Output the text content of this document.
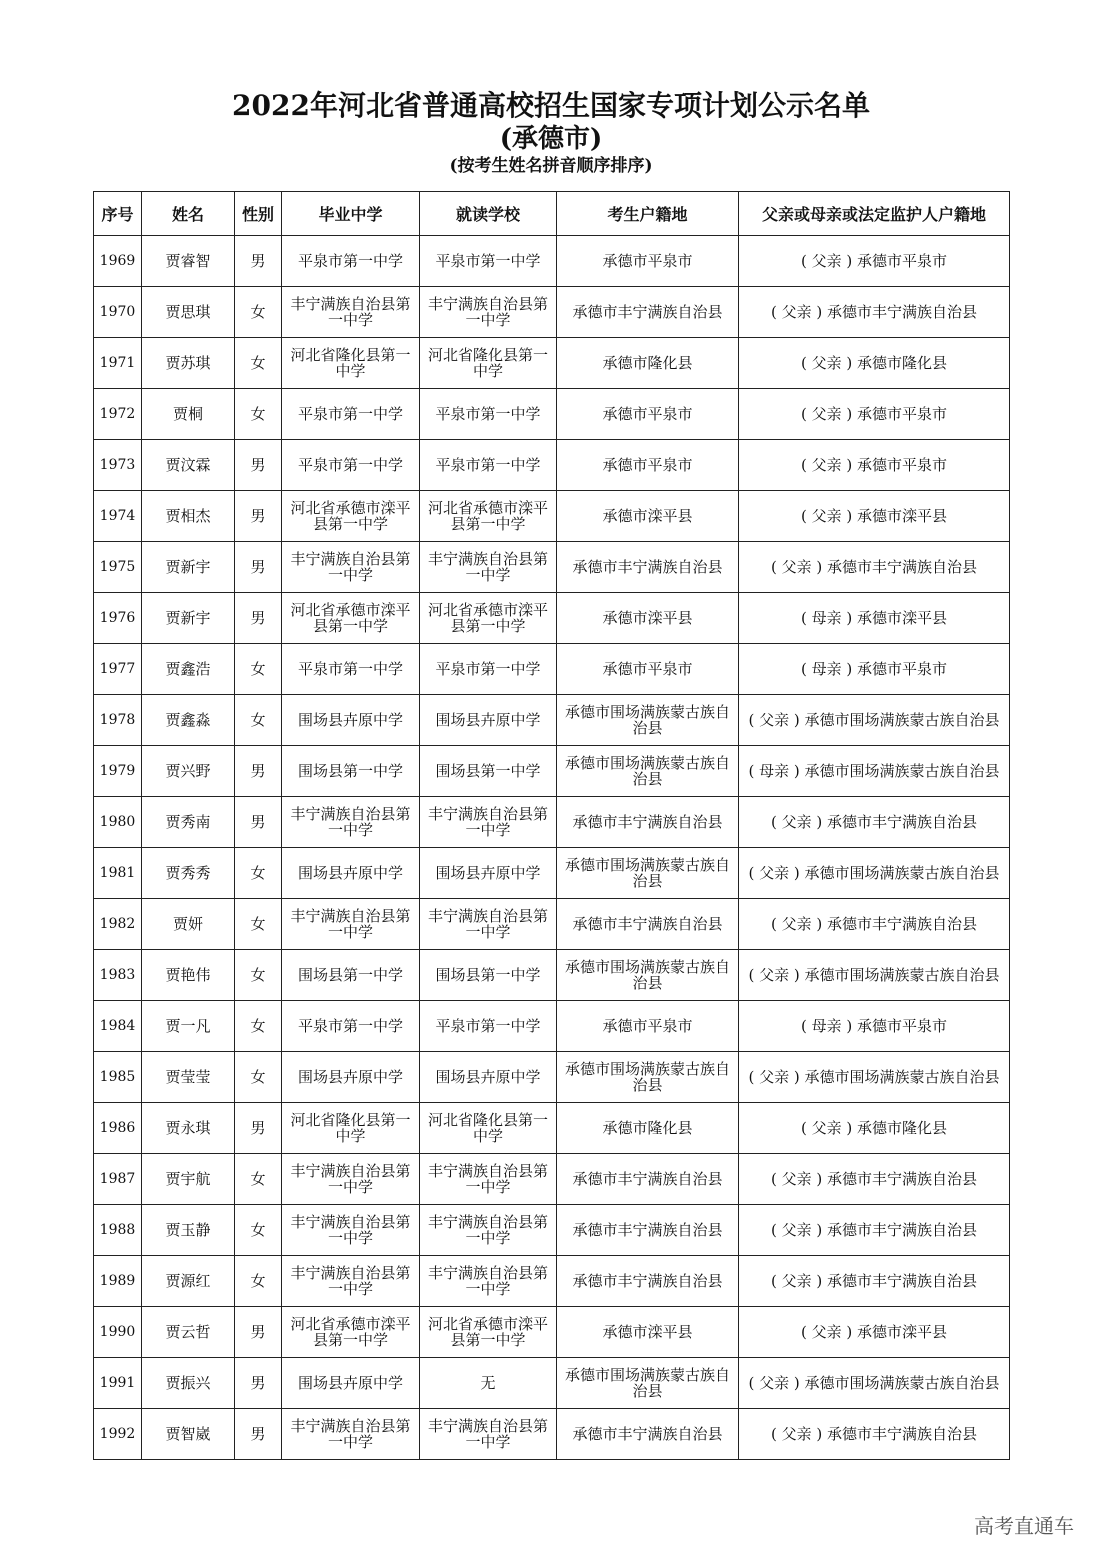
2022年河北省普通高校招生国家专项计划公示名单
(承德市)
(按考生姓名拼音顺序排序)
序号	姓名	性别	毕业中学	就读学校	考生户籍地	父亲或母亲或法定监护人户籍地
1969	贾睿智	男	平泉市第一中学	平泉市第一中学	承德市平泉市	( 父亲 ) 承德市平泉市
1970	贾思琪	女	丰宁满族自治县第一中学	丰宁满族自治县第一中学	承德市丰宁满族自治县	( 父亲 ) 承德市丰宁满族自治县
1971	贾苏琪	女	河北省隆化县第一中学	河北省隆化县第一中学	承德市隆化县	( 父亲 ) 承德市隆化县
1972	贾桐	女	平泉市第一中学	平泉市第一中学	承德市平泉市	( 父亲 ) 承德市平泉市
1973	贾汶霖	男	平泉市第一中学	平泉市第一中学	承德市平泉市	( 父亲 ) 承德市平泉市
1974	贾相杰	男	河北省承德市滦平县第一中学	河北省承德市滦平县第一中学	承德市滦平县	( 父亲 ) 承德市滦平县
1975	贾新宇	男	丰宁满族自治县第一中学	丰宁满族自治县第一中学	承德市丰宁满族自治县	( 父亲 ) 承德市丰宁满族自治县
1976	贾新宇	男	河北省承德市滦平县第一中学	河北省承德市滦平县第一中学	承德市滦平县	( 母亲 ) 承德市滦平县
1977	贾鑫浩	女	平泉市第一中学	平泉市第一中学	承德市平泉市	( 母亲 ) 承德市平泉市
1978	贾鑫淼	女	围场县卉原中学	围场县卉原中学	承德市围场满族蒙古族自治县	( 父亲 ) 承德市围场满族蒙古族自治县
1979	贾兴野	男	围场县第一中学	围场县第一中学	承德市围场满族蒙古族自治县	( 母亲 ) 承德市围场满族蒙古族自治县
1980	贾秀南	男	丰宁满族自治县第一中学	丰宁满族自治县第一中学	承德市丰宁满族自治县	( 父亲 ) 承德市丰宁满族自治县
1981	贾秀秀	女	围场县卉原中学	围场县卉原中学	承德市围场满族蒙古族自治县	( 父亲 ) 承德市围场满族蒙古族自治县
1982	贾妍	女	丰宁满族自治县第一中学	丰宁满族自治县第一中学	承德市丰宁满族自治县	( 父亲 ) 承德市丰宁满族自治县
1983	贾艳伟	女	围场县第一中学	围场县第一中学	承德市围场满族蒙古族自治县	( 父亲 ) 承德市围场满族蒙古族自治县
1984	贾一凡	女	平泉市第一中学	平泉市第一中学	承德市平泉市	( 母亲 ) 承德市平泉市
1985	贾莹莹	女	围场县卉原中学	围场县卉原中学	承德市围场满族蒙古族自治县	( 父亲 ) 承德市围场满族蒙古族自治县
1986	贾永琪	男	河北省隆化县第一中学	河北省隆化县第一中学	承德市隆化县	( 父亲 ) 承德市隆化县
1987	贾宇航	女	丰宁满族自治县第一中学	丰宁满族自治县第一中学	承德市丰宁满族自治县	( 父亲 ) 承德市丰宁满族自治县
1988	贾玉静	女	丰宁满族自治县第一中学	丰宁满族自治县第一中学	承德市丰宁满族自治县	( 父亲 ) 承德市丰宁满族自治县
1989	贾源红	女	丰宁满族自治县第一中学	丰宁满族自治县第一中学	承德市丰宁满族自治县	( 父亲 ) 承德市丰宁满族自治县
1990	贾云哲	男	河北省承德市滦平县第一中学	河北省承德市滦平县第一中学	承德市滦平县	( 父亲 ) 承德市滦平县
1991	贾振兴	男	围场县卉原中学	无	承德市围场满族蒙古族自治县	( 父亲 ) 承德市围场满族蒙古族自治县
1992	贾智崴	男	丰宁满族自治县第一中学	丰宁满族自治县第一中学	承德市丰宁满族自治县	( 父亲 ) 承德市丰宁满族自治县
高考直通车
